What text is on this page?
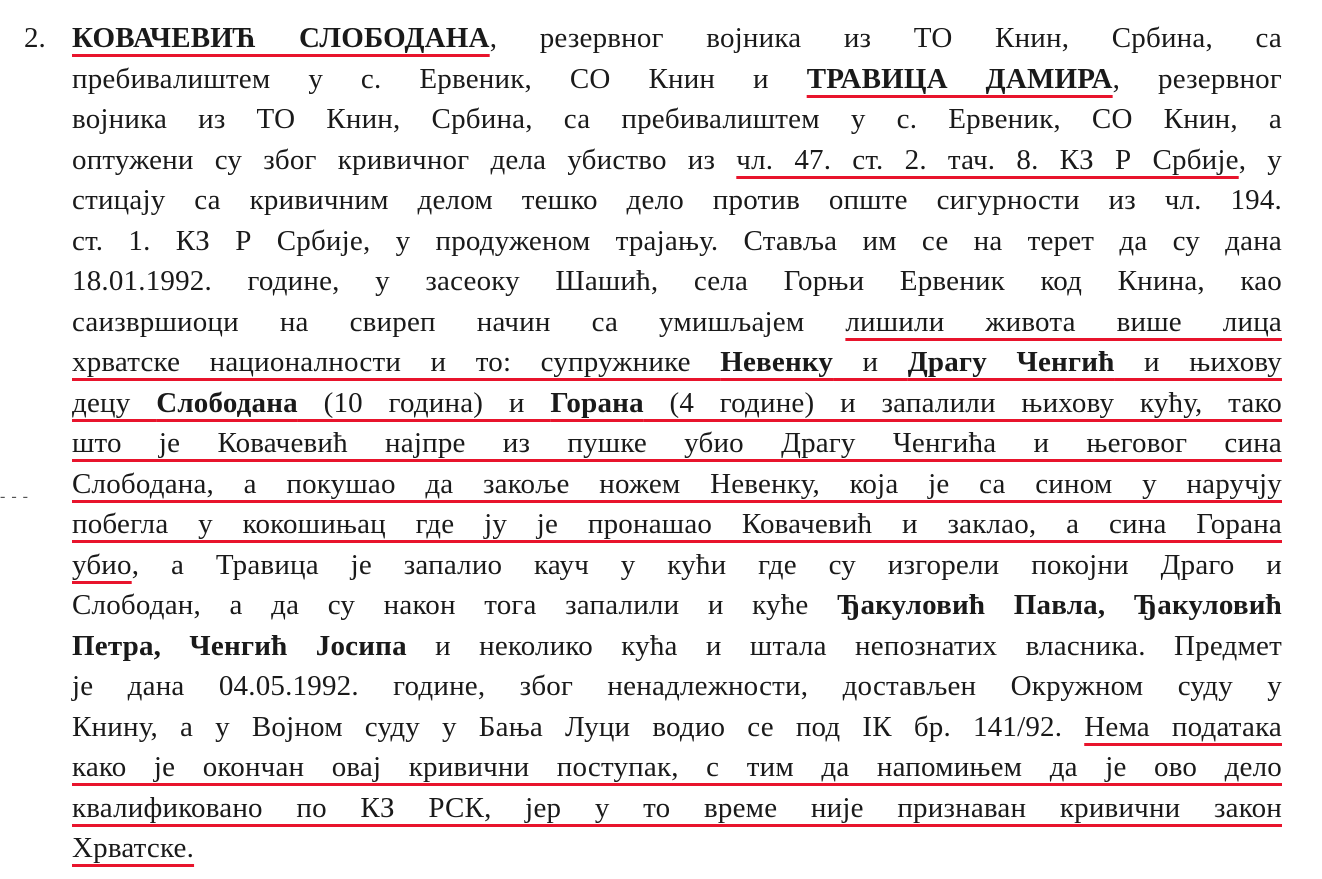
2. КОВАЧЕВИЋ СЛОБОДАНА, резервног војника из ТО Книн, Србина, са
пребивалиштем у с. Ервеник, СО Книн и ТРАВИЦА ДАМИРА, резервног
војника из ТО Книн, Србина, са пребивалиштем у с. Ервеник, СО Книн, а
оптужени су због кривичног дела убиство из чл. 47. ст. 2. тач. 8. КЗ Р Србије, у
стицају са кривичним делом тешко дело против опште сигурности из чл. 194.
ст. 1. КЗ Р Србије, у продуженом трајању. Стављa им се на терет да су дана
18.01.1992. године, у засеоку Шашић, села Горњи Ервеник код Книна, као
саизвршиоци на свиреп начин са умишљајем лишили живота више лица
хрватске националности и то: супружнике Невенку и Драгу Ченгић и њихову
децу Слободана (10 година) и Горана (4 године) и запалили њихову кућу, тако
што је Ковачевић најпре из пушке убио Драгу Ченгића и његовог сина
Слободана, а покушао да закоље ножем Невенку, која је са сином у наручју
побегла у кокошињац где ју је пронашао Ковачевић и заклао, а сина Горана
убио, а Травица је запалио кауч у кући где су изгорели покојни Драго и
Слободан, а да су након тога запалили и куће Ђакуловић Павла, Ђакуловић
Петра, Ченгић Јосипа и неколико кућа и штала непознатих власника. Предмет
је дана 04.05.1992. године, због ненадлежности, достављен Окружном суду у
Книну, а у Војном суду у Бања Луци водио се под ІК бр. 141/92. Нема података
како је окончан овај кривични поступак, с тим да напомињем да је ово дело
квалификовано по КЗ РСК, јер у то време није признаван кривични закон
Хрватске.
- - -
